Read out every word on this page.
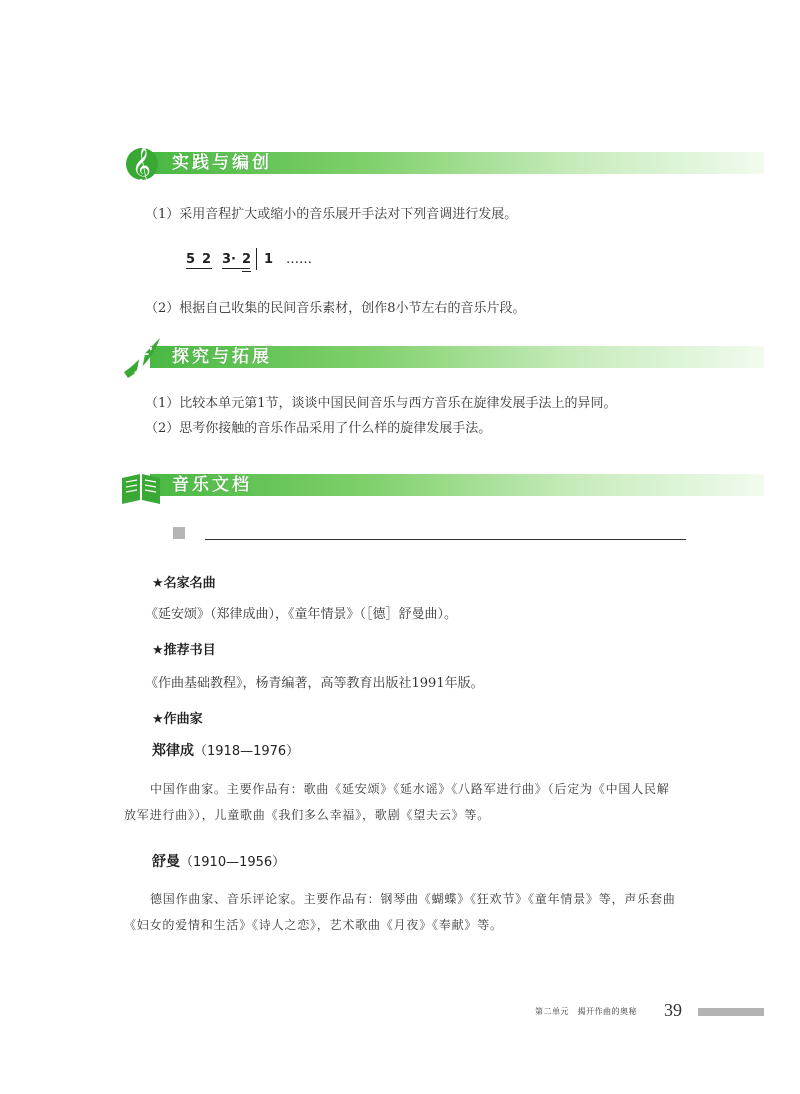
𝄞 实践与编创
（1）采用音程扩大或缩小的音乐展开手法对下列音调进行发展。
5 2 3· 2 1 ……
（2）根据自己收集的民间音乐素材，创作8小节左右的音乐片段。
f 探究与拓展
（1）比较本单元第1节，谈谈中国民间音乐与西方音乐在旋律发展手法上的异同。
（2）思考你接触的音乐作品采用了什么样的旋律发展手法。
音乐文档
★名家名曲
《延安颂》（郑律成曲），《童年情景》（［德］舒曼曲）。
★推荐书目
《作曲基础教程》，杨青编著，高等教育出版社1991年版。
★作曲家
郑律成（1918—1976）
中国作曲家。主要作品有：歌曲《延安颂》《延水谣》《八路军进行曲》（后定为《中国人民解
放军进行曲》），儿童歌曲《我们多么幸福》，歌剧《望夫云》等。
舒曼（1910—1956）
德国作曲家、音乐评论家。主要作品有：钢琴曲《蝴蝶》《狂欢节》《童年情景》等，声乐套曲
《妇女的爱情和生活》《诗人之恋》，艺术歌曲《月夜》《奉献》等。
第二单元　揭开作曲的奥秘 39
